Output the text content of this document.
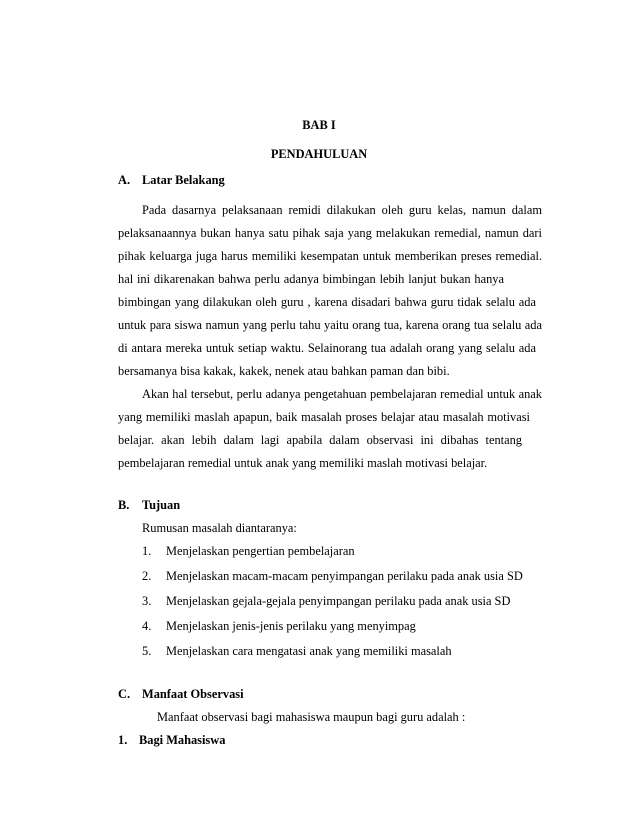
BAB I
PENDAHULUAN
A. Latar Belakang
Pada dasarnya pelaksanaan remidi dilakukan oleh guru kelas, namun dalam
pelaksanaannya bukan hanya satu pihak saja yang melakukan remedial, namun dari
pihak keluarga juga harus memiliki kesempatan untuk memberikan preses remedial.
hal ini dikarenakan bahwa perlu adanya bimbingan lebih lanjut bukan hanya
bimbingan yang dilakukan oleh guru , karena disadari bahwa guru tidak selalu ada
untuk para siswa namun yang perlu tahu yaitu orang tua, karena orang tua selalu ada
di antara mereka untuk setiap waktu. Selainorang tua adalah orang yang selalu ada
bersamanya bisa kakak, kakek, nenek atau bahkan paman dan bibi.
Akan hal tersebut, perlu adanya pengetahuan pembelajaran remedial untuk anak
yang memiliki maslah apapun, baik masalah proses belajar atau masalah motivasi
belajar. akan lebih dalam lagi apabila dalam observasi ini dibahas tentang
pembelajaran remedial untuk anak yang memiliki maslah motivasi belajar.
B. Tujuan
Rumusan masalah diantaranya:
1. Menjelaskan pengertian pembelajaran
2. Menjelaskan macam-macam penyimpangan perilaku pada anak usia SD
3. Menjelaskan gejala-gejala penyimpangan perilaku pada anak usia SD
4. Menjelaskan jenis-jenis perilaku yang menyimpag
5. Menjelaskan cara mengatasi anak yang memiliki masalah
C. Manfaat Observasi
Manfaat observasi bagi mahasiswa maupun bagi guru adalah :
1. Bagi Mahasiswa
